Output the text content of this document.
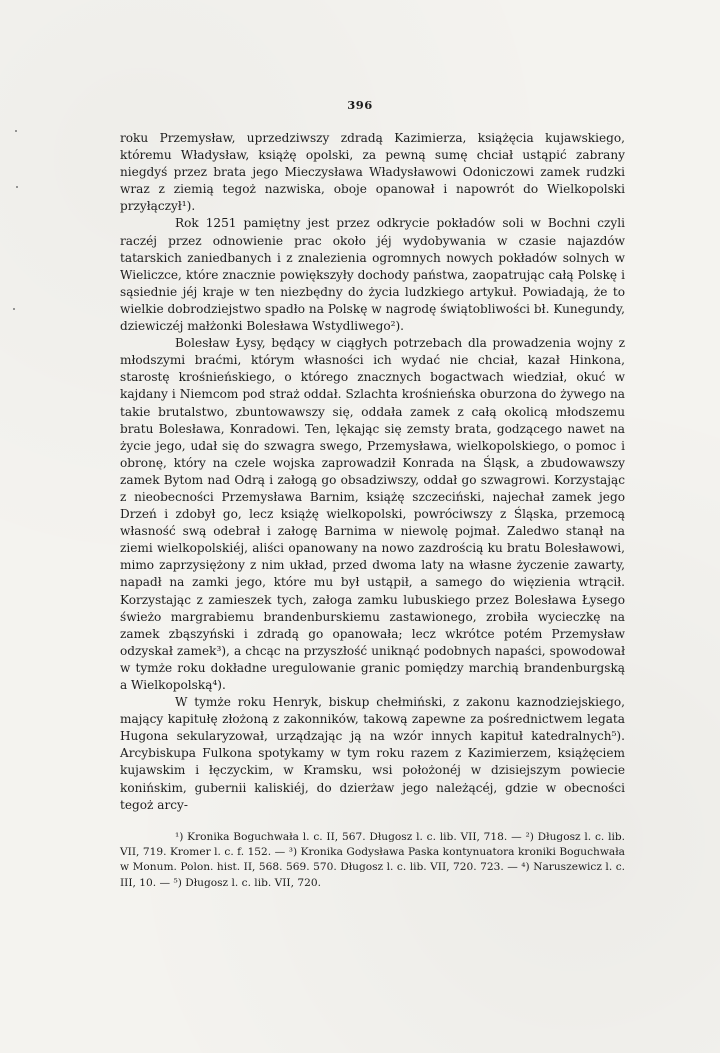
396

roku Przemysław, uprzedziwszy zdradą Kazimierza, książęcia kujawskiego, któremu Władysław, książę opolski, za pewną sumę chciał ustąpić zabrany niegdyś przez brata jego Mieczysława Władysławowi Odoniczowi zamek rudzki wraz z ziemią tegoż nazwiska, oboje opanował i napowrót do Wielkopolski przyłączył¹).

Rok 1251 pamiętny jest przez odkrycie pokładów soli w Bochni czyli raczéj przez odnowienie prac około jéj wydobywania w czasie najazdów tatarskich zaniedbanych i z znalezienia ogromnych nowych pokładów solnych w Wieliczce, które znacznie powiększyły dochody państwa, zaopatrując całą Polskę i sąsiednie jéj kraje w ten niezbędny do życia ludzkiego artykuł. Powiadają, że to wielkie dobrodziejstwo spadło na Polskę w nagrodę świątobliwości bł. Kunegundy, dziewiczéj małżonki Bolesława Wstydliwego²).

Bolesław Łysy, będący w ciągłych potrzebach dla prowadzenia wojny z młodszymi braćmi, którym własności ich wydać nie chciał, kazał Hinkona, starostę krośnieńskiego, o którego znacznych bogactwach wiedział, okuć w kajdany i Niemcom pod straż oddał. Szlachta krośnieńska oburzona do żywego na takie brutalstwo, zbuntowawszy się, oddała zamek z całą okolicą młodszemu bratu Bolesława, Konradowi. Ten, lękając się zemsty brata, godzącego nawet na życie jego, udał się do szwagra swego, Przemysława, wielkopolskiego, o pomoc i obronę, który na czele wojska zaprowadził Konrada na Śląsk, a zbudowawszy zamek Bytom nad Odrą i załogą go obsadziwszy, oddał go szwagrowi. Korzystając z nieobecności Przemysława Barnim, książę szczeciński, najechał zamek jego Drzeń i zdobył go, lecz książę wielkopolski, powróciwszy z Śląska, przemocą własność swą odebrał i załogę Barnima w niewolę pojmał. Zaledwo stanął na ziemi wielkopolskiéj, aliści opanowany na nowo zazdrością ku bratu Bolesławowi, mimo zaprzysiężony z nim układ, przed dwoma laty na własne życzenie zawarty, napadł na zamki jego, które mu był ustąpił, a samego do więzienia wtrącił. Korzystając z zamieszek tych, załoga zamku lubuskiego przez Bolesława Łysego świeżo margrabiemu brandenburskiemu zastawionego, zrobiła wycieczkę na zamek zbąszyński i zdradą go opanowała; lecz wkrótce potém Przemysław odzyskał zamek³), a chcąc na przyszłość uniknąć podobnych napaści, spowodował w tymże roku dokładne uregulowanie granic pomiędzy marchią brandenburgską a Wielkopolską⁴).

W tymże roku Henryk, biskup chełmiński, z zakonu kaznodziejskiego, mający kapitułę złożoną z zakonników, takową zapewne za pośrednictwem legata Hugona sekularyzował, urządzając ją na wzór innych kapituł katedralnych⁵). Arcybiskupa Fulkona spotykamy w tym roku razem z Kazimierzem, książęciem kujawskim i łęczyckim, w Kramsku, wsi położonéj w dzisiejszym powiecie konińskim, gubernii kaliskiéj, do dzierżaw jego należącéj, gdzie w obecności tegoż arcy-

¹) Kronika Boguchwała l. c. II, 567. Długosz l. c. lib. VII, 718. — ²) Długosz l. c. lib. VII, 719. Kromer l. c. f. 152. — ³) Kronika Godysława Paska kontynuatora kroniki Boguchwała w Monum. Polon. hist. II, 568. 569. 570. Długosz l. c. lib. VII, 720. 723. — ⁴) Naruszewicz l. c. III, 10. — ⁵) Długosz l. c. lib. VII, 720.
